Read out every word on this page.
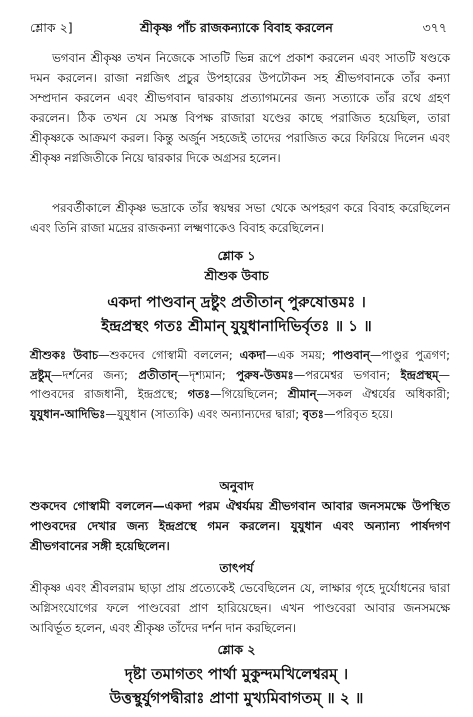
শ্লোক ২]	শ্রীকৃষ্ণ পাঁচ রাজকন্যাকে বিবাহ করলেন	৩৭৭
ভগবান শ্রীকৃষ্ণ তখন নিজেকে সাতটি ভিন্ন রূপে প্রকাশ করলেন এবং সাতটি ষণ্ডকে দমন করলেন। রাজা নগ্নজিৎ প্রচুর উপহারের উপঢৌকন সহ শ্রীভগবানকে তাঁর কন্যা সম্প্রদান করলেন এবং শ্রীভগবান দ্বারকায় প্রত্যাগমনের জন্য সত্যাকে তাঁর রথে গ্রহণ করলেন। ঠিক তখন যে সমস্ত বিপক্ষ রাজারা যণ্ডের কাছে পরাজিত হয়েছিল, তারা শ্রীকৃষ্ণকে আক্রমণ করল। কিন্তু অর্জুন সহজেই তাদের পরাজিত করে ফিরিয়ে দিলেন এবং শ্রীকৃষ্ণ নগ্নজিতীকে নিয়ে দ্বারকার দিকে অগ্রসর হলেন।
পরবর্তীকালে শ্রীকৃষ্ণ ভদ্রাকে তাঁর স্বয়ম্বর সভা থেকে অপহরণ করে বিবাহ করেছিলেন এবং তিনি রাজা মদ্রের রাজকন্যা লক্ষ্মণাকেও বিবাহ করেছিলেন।
শ্লোক ১
শ্রীশুক উবাচ
একদা পাণ্ডবান্ দ্রষ্টুং প্রতীতান্ পুরুষোত্তমঃ ।
ইন্দ্রপ্রস্থং গতঃ শ্রীমান্ যুযুধানাদিভির্বৃতঃ ॥ ১ ॥
শ্রীশুকঃ উবাচ—শুকদেব গোস্বামী বললেন; একদা—এক সময়; পাণ্ডবান্—পাণ্ডুর পুত্রগণ; দ্রষ্টুম্—দর্শনের জন্য; প্রতীতান্—দৃশ্যমান; পুরুষ-উত্তমঃ—পরমেশ্বর ভগবান; ইন্দ্রপ্রস্থম্—পাণ্ডবদের রাজধানী, ইন্দ্রপ্রস্থে; গতঃ—গিয়েছিলেন; শ্রীমান্—সকল ঐশ্বর্যের অধিকারী; যুযুধান-আদিভিঃ—যুযুধান (সাত্যকি) এবং অন্যান্যদের দ্বারা; বৃতঃ—পরিবৃত হয়ে।
অনুবাদ
শুকদেব গোস্বামী বললেন—একদা পরম ঐশ্বর্যময় শ্রীভগবান আবার জনসমক্ষে উপস্থিত পাণ্ডবদের দেখার জন্য ইন্দ্রপ্রস্থে গমন করলেন। যুযুধান এবং অন্যান্য পার্ষদগণ শ্রীভগবানের সঙ্গী হয়েছিলেন।
তাৎপর্য
শ্রীকৃষ্ণ এবং শ্রীবলরাম ছাড়া প্রায় প্রত্যেকেই ভেবেছিলেন যে, লাক্ষার গৃহে দুর্যোধনের দ্বারা অগ্নিসংযোগের ফলে পাণ্ডবেরা প্রাণ হারিয়েছেন। এখন পাণ্ডবেরা আবার জনসমক্ষে আবির্ভূত হলেন, এবং শ্রীকৃষ্ণ তাঁদের দর্শন দান করছিলেন।
শ্লোক ২
দৃষ্টা তমাগতং পার্থা মুকুন্দমখিলেশ্বরম্ ।
উত্তস্থুর্যুগপদ্বীরাঃ প্রাণা মুখ্যমিবাগতম্ ॥ ২ ॥
